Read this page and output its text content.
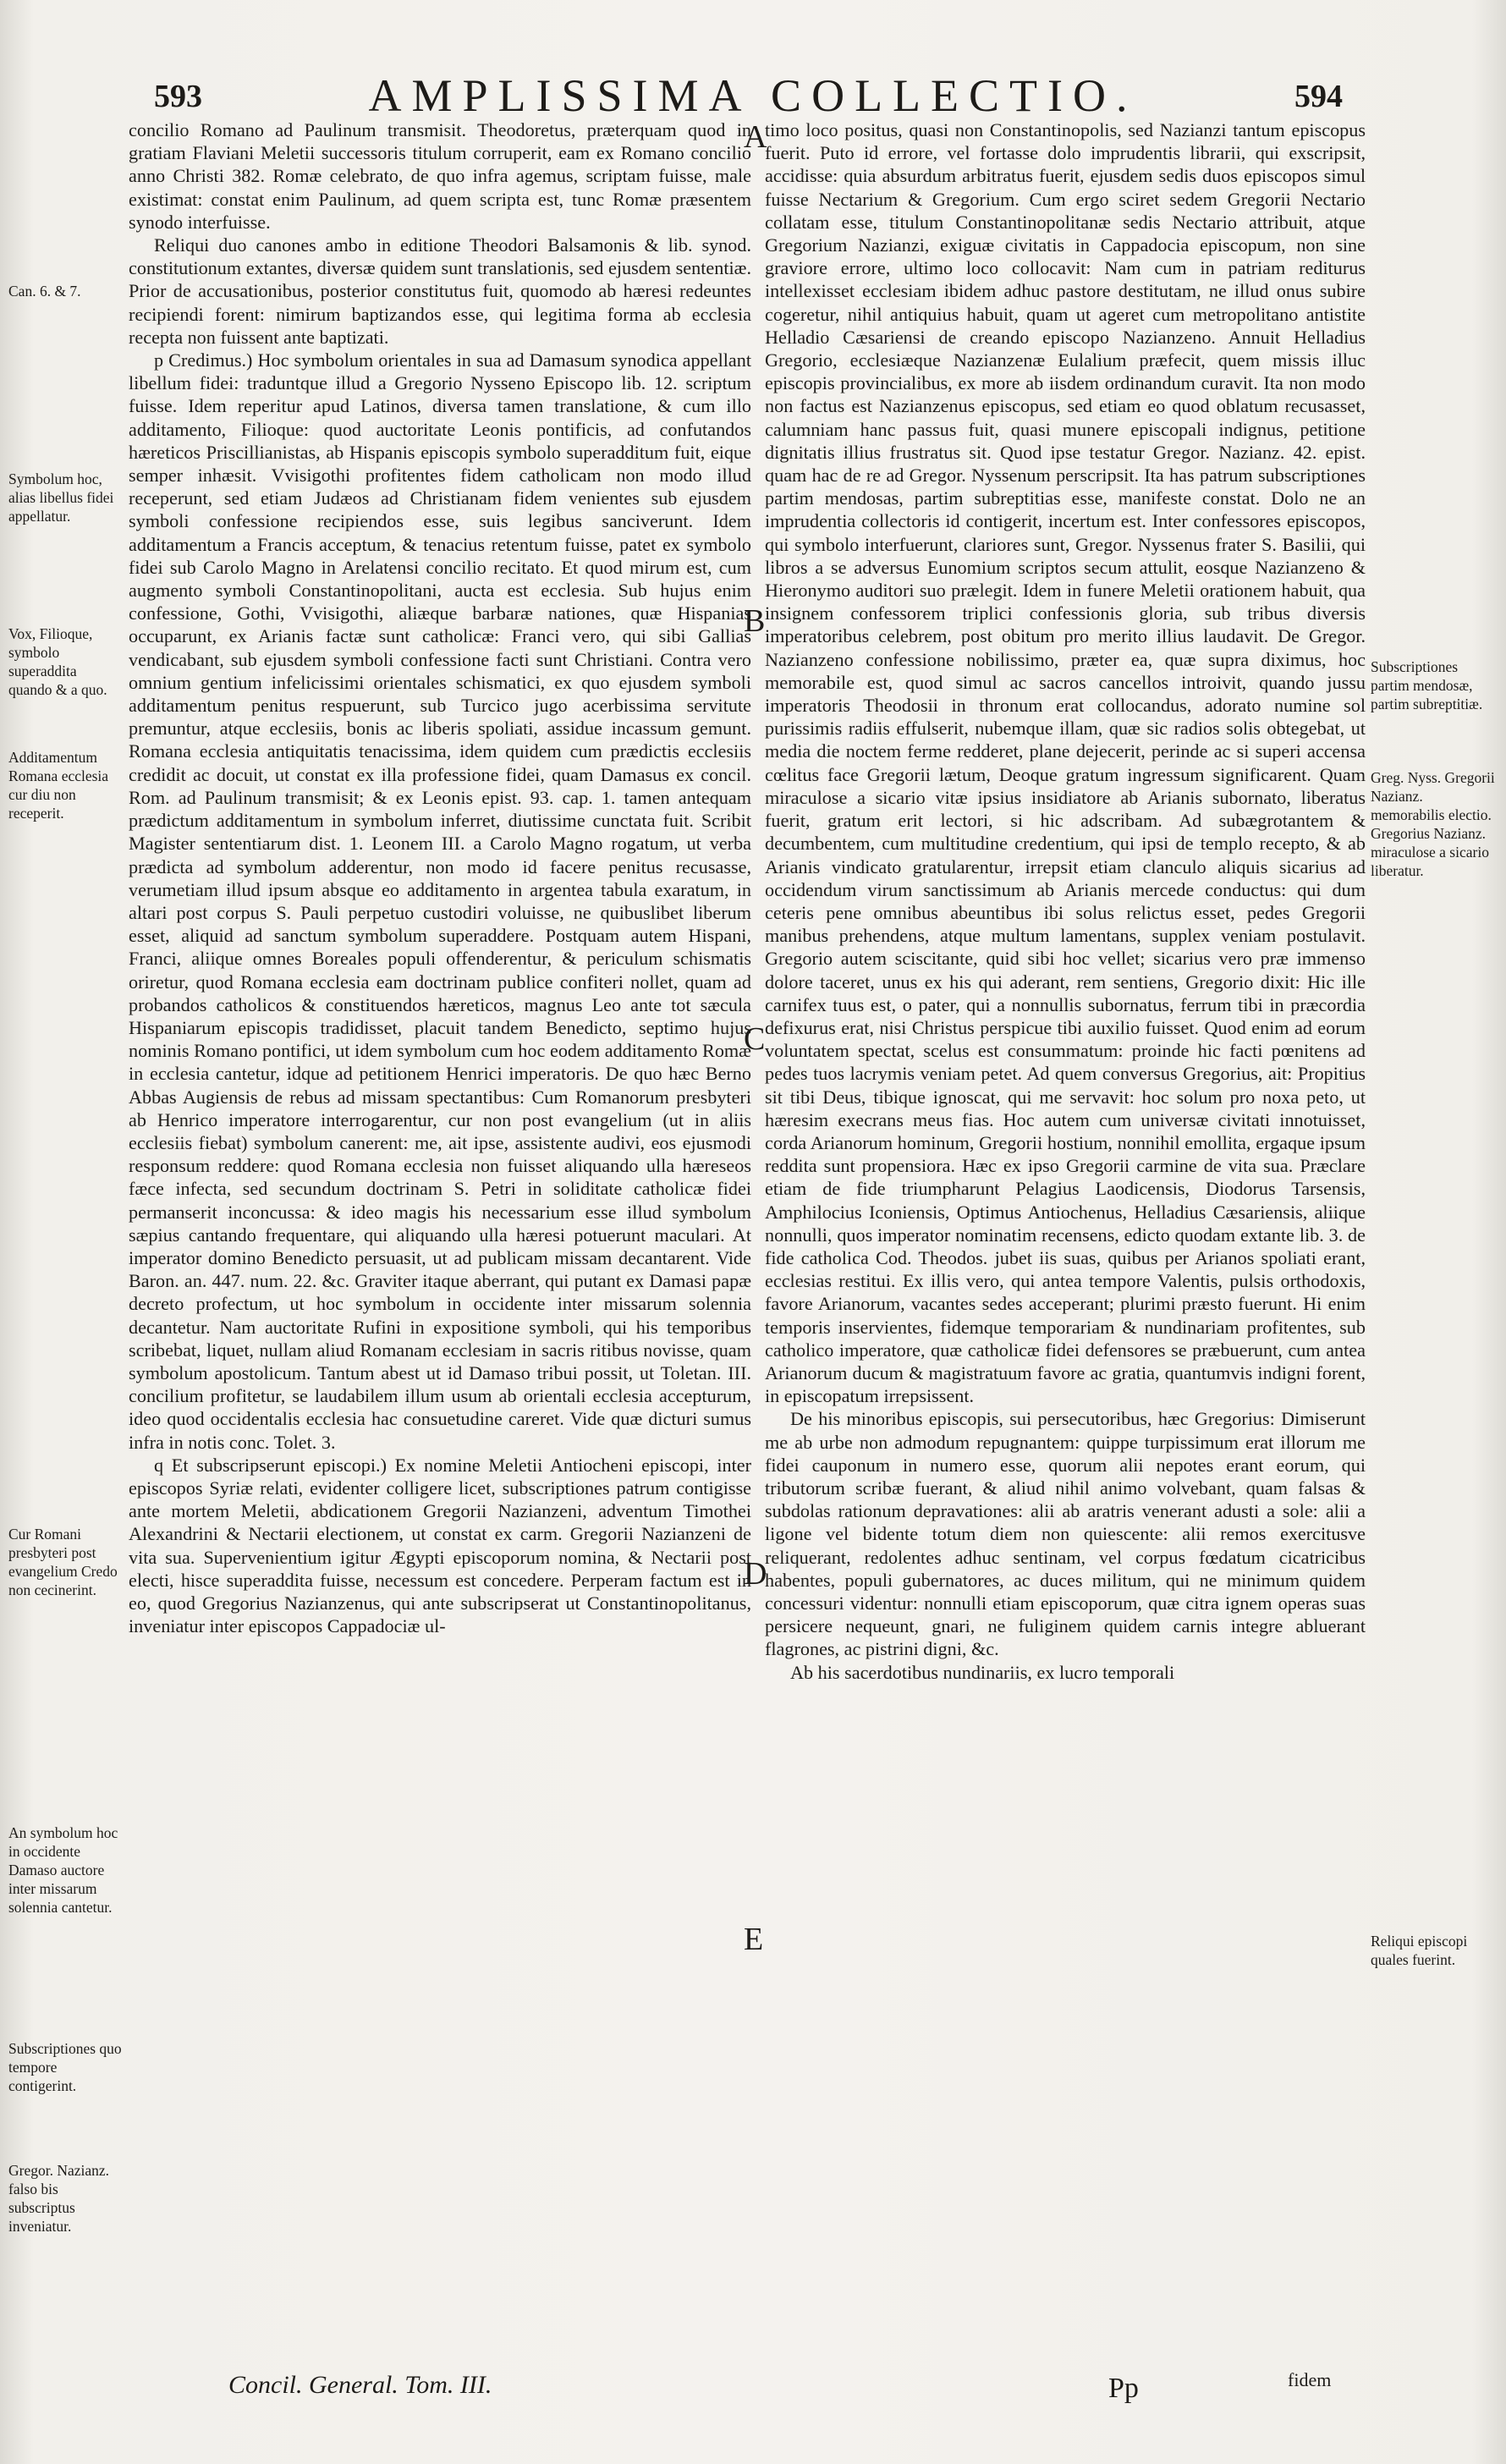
593	AMPLISSIMA COLLECTIO.	594

concilio Romano ad Paulinum transmisit. Theodoretus, præterquam quod in gratiam Flaviani Meletii successoris titulum corruperit, eam ex Romano concilio anno Christi 382. Romæ celebrato, de quo infra agemus, scriptam fuisse, male existimat: constat enim Paulinum, ad quem scripta est, tunc Romæ præsentem synodo interfuisse.

Reliqui duo canones ambo in editione Theodori Balsamonis & lib. synod. constitutionum extantes, diversæ quidem sunt translationis, sed ejusdem sententiæ. Prior de accusationibus, posterior constitutus fuit, quomodo ab hæresi redeuntes recipiendi forent: nimirum baptizandos esse, qui legitima forma ab ecclesia recepta non fuissent ante baptizati.

p Credimus.) Hoc symbolum orientales in sua ad Damasum synodica appellant libellum fidei: traduntque illud a Gregorio Nysseno Episcopo lib. 12. scriptum fuisse. Idem reperitur apud Latinos, diversa tamen translatione, & cum illo additamento, Filioque: quod auctoritate Leonis pontificis, ad confutandos hæreticos Priscillianistas, ab Hispanis episcopis symbolo superadditum fuit, eique semper inhæsit. Vvisigothi profitentes fidem catholicam non modo illud receperunt, sed etiam Judæos ad Christianam fidem venientes sub ejusdem symboli confessione recipiendos esse, suis legibus sanciverunt. Idem additamentum a Francis acceptum, & tenacius retentum fuisse, patet ex symbolo fidei sub Carolo Magno in Arelatensi concilio recitato. Et quod mirum est, cum augmento symboli Constantinopolitani, aucta est ecclesia. Sub hujus enim confessione, Gothi, Vvisigothi, aliæque barbaræ nationes, quæ Hispanias occuparunt, ex Arianis factæ sunt catholicæ: Franci vero, qui sibi Gallias vendicabant, sub ejusdem symboli confessione facti sunt Christiani. Contra vero omnium gentium infelicissimi orientales schismatici, ex quo ejusdem symboli additamentum penitus respuerunt, sub Turcico jugo acerbissima servitute premuntur, atque ecclesiis, bonis ac liberis spoliati, assidue incassum gemunt. Romana ecclesia antiquitatis tenacissima, idem quidem cum prædictis ecclesiis credidit ac docuit, ut constat ex illa professione fidei, quam Damasus ex concil. Rom. ad Paulinum transmisit; & ex Leonis epist. 93. cap. 1. tamen antequam prædictum additamentum in symbolum inferret, diutissime cunctata fuit. Scribit Magister sententiarum dist. 1. Leonem III. a Carolo Magno rogatum, ut verba prædicta ad symbolum adderentur, non modo id facere penitus recusasse, verumetiam illud ipsum absque eo additamento in argentea tabula exaratum, in altari post corpus S. Pauli perpetuo custodiri voluisse, ne quibuslibet liberum esset, aliquid ad sanctum symbolum superaddere. Postquam autem Hispani, Franci, aliique omnes Boreales populi offenderentur, & periculum schismatis oriretur, quod Romana ecclesia eam doctrinam publice confiteri nollet, quam ad probandos catholicos & constituendos hæreticos, magnus Leo ante tot sæcula Hispaniarum episcopis tradidisset, placuit tandem Benedicto, septimo hujus nominis Romano pontifici, ut idem symbolum cum hoc eodem additamento Romæ in ecclesia cantetur, idque ad petitionem Henrici imperatoris. De quo hæc Berno Abbas Augiensis de rebus ad missam spectantibus: Cum Romanorum presbyteri ab Henrico imperatore interrogarentur, cur non post evangelium (ut in aliis ecclesiis fiebat) symbolum canerent: me, ait ipse, assistente audivi, eos ejusmodi responsum reddere: quod Romana ecclesia non fuisset aliquando ulla hæreseos fæce infecta, sed secundum doctrinam S. Petri in soliditate catholicæ fidei permanserit inconcussa: & ideo magis his necessarium esse illud symbolum sæpius cantando frequentare, qui aliquando ulla hæresi potuerunt maculari. At imperator domino Benedicto persuasit, ut ad publicam missam decantarent. Vide Baron. an. 447. num. 22. &c. Graviter itaque aberrant, qui putant ex Damasi papæ decreto profectum, ut hoc symbolum in occidente inter missarum solennia decantetur. Nam auctoritate Rufini in expositione symboli, qui his temporibus scribebat, liquet, nullam aliud Romanam ecclesiam in sacris ritibus novisse, quam symbolum apostolicum. Tantum abest ut id Damaso tribui possit, ut Toletan. III. concilium profitetur, se laudabilem illum usum ab orientali ecclesia accepturum, ideo quod occidentalis ecclesia hac consuetudine careret. Vide quæ dicturi sumus infra in notis conc. Tolet. 3.

q Et subscripserunt episcopi.) Ex nomine Meletii Antiocheni episcopi, inter episcopos Syriæ relati, evidenter colligere licet, subscriptiones patrum contigisse ante mortem Meletii, abdicationem Gregorii Nazianzeni, adventum Timothei Alexandrini & Nectarii electionem, ut constat ex carm. Gregorii Nazianzeni de vita sua. Supervenientium igitur Ægypti episcoporum nomina, & Nectarii post electi, hisce superaddita fuisse, necessum est concedere. Perperam factum est in eo, quod Gregorius Nazianzenus, qui ante subscripserat ut Constantinopolitanus, inveniatur inter episcopos Cappadociæ ul-

timo loco positus, quasi non Constantinopolis, sed Nazianzi tantum episcopus fuerit. Puto id errore, vel fortasse dolo imprudentis librarii, qui exscripsit, accidisse: quia absurdum arbitratus fuerit, ejusdem sedis duos episcopos simul fuisse Nectarium & Gregorium. Cum ergo sciret sedem Gregorii Nectario collatam esse, titulum Constantinopolitanæ sedis Nectario attribuit, atque Gregorium Nazianzi, exiguæ civitatis in Cappadocia episcopum, non sine graviore errore, ultimo loco collocavit: Nam cum in patriam rediturus intellexisset ecclesiam ibidem adhuc pastore destitutam, ne illud onus subire cogeretur, nihil antiquius habuit, quam ut ageret cum metropolitano antistite Helladio Cæsariensi de creando episcopo Nazianzeno. Annuit Helladius Gregorio, ecclesiæque Nazianzenæ Eulalium præfecit, quem missis illuc episcopis provincialibus, ex more ab iisdem ordinandum curavit. Ita non modo non factus est Nazianzenus episcopus, sed etiam eo quod oblatum recusasset, calumniam hanc passus fuit, quasi munere episcopali indignus, petitione dignitatis illius frustratus sit. Quod ipse testatur Gregor. Nazianz. 42. epist. quam hac de re ad Gregor. Nyssenum perscripsit. Ita has patrum subscriptiones partim mendosas, partim subreptitias esse, manifeste constat. Dolo ne an imprudentia collectoris id contigerit, incertum est. Inter confessores episcopos, qui symbolo interfuerunt, clariores sunt, Gregor. Nyssenus frater S. Basilii, qui libros a se adversus Eunomium scriptos secum attulit, eosque Nazianzeno & Hieronymo auditori suo prælegit. Idem in funere Meletii orationem habuit, qua insignem confessorem triplici confessionis gloria, sub tribus diversis imperatoribus celebrem, post obitum pro merito illius laudavit. De Gregor. Nazianzeno confessione nobilissimo, præter ea, quæ supra diximus, hoc memorabile est, quod simul ac sacros cancellos introivit, quando jussu imperatoris Theodosii in thronum erat collocandus, adorato numine sol purissimis radiis effulserit, nubemque illam, quæ sic radios solis obtegebat, ut media die noctem ferme redderet, plane dejecerit, perinde ac si superi accensa cœlitus face Gregorii lætum, Deoque gratum ingressum significarent. Quam miraculose a sicario vitæ ipsius insidiatore ab Arianis subornato, liberatus fuerit, gratum erit lectori, si hic adscribam. Ad subægrotantem & decumbentem, cum multitudine credentium, qui ipsi de templo recepto, & ab Arianis vindicato gratularentur, irrepsit etiam clanculo aliquis sicarius ad occidendum virum sanctissimum ab Arianis mercede conductus: qui dum ceteris pene omnibus abeuntibus ibi solus relictus esset, pedes Gregorii manibus prehendens, atque multum lamentans, supplex veniam postulavit. Gregorio autem sciscitante, quid sibi hoc vellet; sicarius vero præ immenso dolore taceret, unus ex his qui aderant, rem sentiens, Gregorio dixit: Hic ille carnifex tuus est, o pater, qui a nonnullis subornatus, ferrum tibi in præcordia defixurus erat, nisi Christus perspicue tibi auxilio fuisset. Quod enim ad eorum voluntatem spectat, scelus est consummatum: proinde hic facti pœnitens ad pedes tuos lacrymis veniam petet. Ad quem conversus Gregorius, ait: Propitius sit tibi Deus, tibique ignoscat, qui me servavit: hoc solum pro noxa peto, ut hæresim execrans meus fias. Hoc autem cum universæ civitati innotuisset, corda Arianorum hominum, Gregorii hostium, nonnihil emollita, ergaque ipsum reddita sunt propensiora. Hæc ex ipso Gregorii carmine de vita sua. Præclare etiam de fide triumpharunt Pelagius Laodicensis, Diodorus Tarsensis, Amphilocius Iconiensis, Optimus Antiochenus, Helladius Cæsariensis, aliique nonnulli, quos imperator nominatim recensens, edicto quodam extante lib. 3. de fide catholica Cod. Theodos. jubet iis suas, quibus per Arianos spoliati erant, ecclesias restitui. Ex illis vero, qui antea tempore Valentis, pulsis orthodoxis, favore Arianorum, vacantes sedes acceperant; plurimi præsto fuerunt. Hi enim temporis inservientes, fidemque temporariam & nundinariam profitentes, sub catholico imperatore, quæ catholicæ fidei defensores se præbuerunt, cum antea Arianorum ducum & magistratuum favore ac gratia, quantumvis indigni forent, in episcopatum irrepsissent.

De his minoribus episcopis, sui persecutoribus, hæc Gregorius: Dimiserunt me ab urbe non admodum repugnantem: quippe turpissimum erat illorum me fidei cauponum in numero esse, quorum alii nepotes erant eorum, qui tributorum scribæ fuerant, & aliud nihil animo volvebant, quam falsas & subdolas rationum depravationes: alii ab aratris venerant adusti a sole: alii a ligone vel bidente totum diem non quiescente: alii remos exercitusve reliquerant, redolentes adhuc sentinam, vel corpus fœdatum cicatricibus habentes, populi gubernatores, ac duces militum, qui ne minimum quidem concessuri videntur: nonnulli etiam episcoporum, quæ citra ignem operas suas persicere nequeunt, gnari, ne fuliginem quidem carnis integre abluerant flagrones, ac pistrini digni, &c.

Ab his sacerdotibus nundinariis, ex lucro temporali

A
B
C
D
E
Can. 6. & 7.
Symbolum hoc, alias libellus fidei appellatur.
Vox, Filioque, symbolo superaddita quando & a quo.
Additamentum Romana ecclesia cur diu non receperit.
Cur Romani presbyteri post evangelium Credo non cecinerint.
An symbolum hoc in occidente Damaso auctore inter missarum solennia cantetur.
Subscriptiones quo tempore contigerint.
Gregor. Nazianz. falso bis subscriptus inveniatur.
Subscriptiones partim mendosæ, partim subreptitiæ.
Greg. Nyss. Gregorii Nazianz. memorabilis electio. Gregorius Nazianz. miraculose a sicario liberatur.
Reliqui episcopi quales fuerint.
Concil. General. Tom. III.	Pp	fidem
